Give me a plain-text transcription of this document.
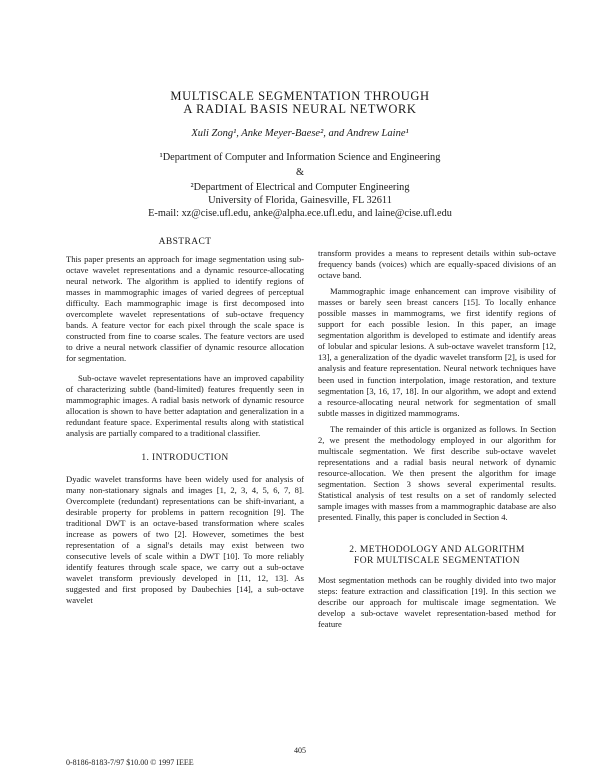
MULTISCALE SEGMENTATION THROUGH
A RADIAL BASIS NEURAL NETWORK
Xuli Zong¹, Anke Meyer-Baese², and Andrew Laine¹
¹Department of Computer and Information Science and Engineering
&
²Department of Electrical and Computer Engineering
University of Florida, Gainesville, FL 32611
E-mail: xz@cise.ufl.edu, anke@alpha.ece.ufl.edu, and laine@cise.ufl.edu
ABSTRACT

This paper presents an approach for image segmentation using sub-octave wavelet representations and a dynamic resource-allocating neural network. The algorithm is applied to identify regions of masses in mammographic images of varied degrees of perceptual difficulty. Each mammographic image is first decomposed into overcomplete wavelet representations of sub-octave frequency bands. A feature vector for each pixel through the scale space is constructed from fine to coarse scales. The feature vectors are used to drive a neural network classifier of dynamic resource allocation for segmentation.

Sub-octave wavelet representations have an improved capability of characterizing subtle (band-limited) features frequently seen in mammographic images. A radial basis network of dynamic resource allocation is shown to have better adaptation and generalization in a redundant feature space. Experimental results along with statistical analysis are partially compared to a traditional classifier.

1. INTRODUCTION

Dyadic wavelet transforms have been widely used for analysis of many non-stationary signals and images [1, 2, 3, 4, 5, 6, 7, 8]. Overcomplete (redundant) representations can be shift-invariant, a desirable property for problems in pattern recognition [9]. The traditional DWT is an octave-based transformation where scales increase as powers of two [2]. However, sometimes the best representation of a signal's details may exist between two consecutive levels of scale within a DWT [10]. To more reliably identify features through scale space, we carry out a sub-octave wavelet transform previously developed in [11, 12, 13]. As suggested and first proposed by Daubechies [14], a sub-octave wavelet

transform provides a means to represent details within sub-octave frequency bands (voices) which are equally-spaced divisions of an octave band.

Mammographic image enhancement can improve visibility of masses or barely seen breast cancers [15]. To locally enhance possible masses in mammograms, we first identify regions of support for each possible lesion. In this paper, an image segmentation algorithm is developed to estimate and identify areas of lobular and spicular lesions. A sub-octave wavelet transform [12, 13], a generalization of the dyadic wavelet transform [2], is used for analysis and feature representation. Neural network techniques have been used in function interpolation, image restoration, and texture segmentation [3, 16, 17, 18]. In our algorithm, we adopt and extend a resource-allocating neural network for segmentation of small subtle masses in digitized mammograms.

The remainder of this article is organized as follows. In Section 2, we present the methodology employed in our algorithm for multiscale segmentation. We first describe sub-octave wavelet representations and a radial basis neural network of dynamic resource-allocation. We then present the algorithm for image segmentation. Section 3 shows several experimental results. Statistical analysis of test results on a set of randomly selected sample images with masses from a mammographic database are also presented. Finally, this paper is concluded in Section 4.

2. METHODOLOGY AND ALGORITHM
FOR MULTISCALE SEGMENTATION

Most segmentation methods can be roughly divided into two major steps: feature extraction and classification [19]. In this section we describe our approach for multiscale image segmentation. We develop a sub-octave wavelet representation-based method for feature

405
0-8186-8183-7/97 $10.00 © 1997 IEEE
